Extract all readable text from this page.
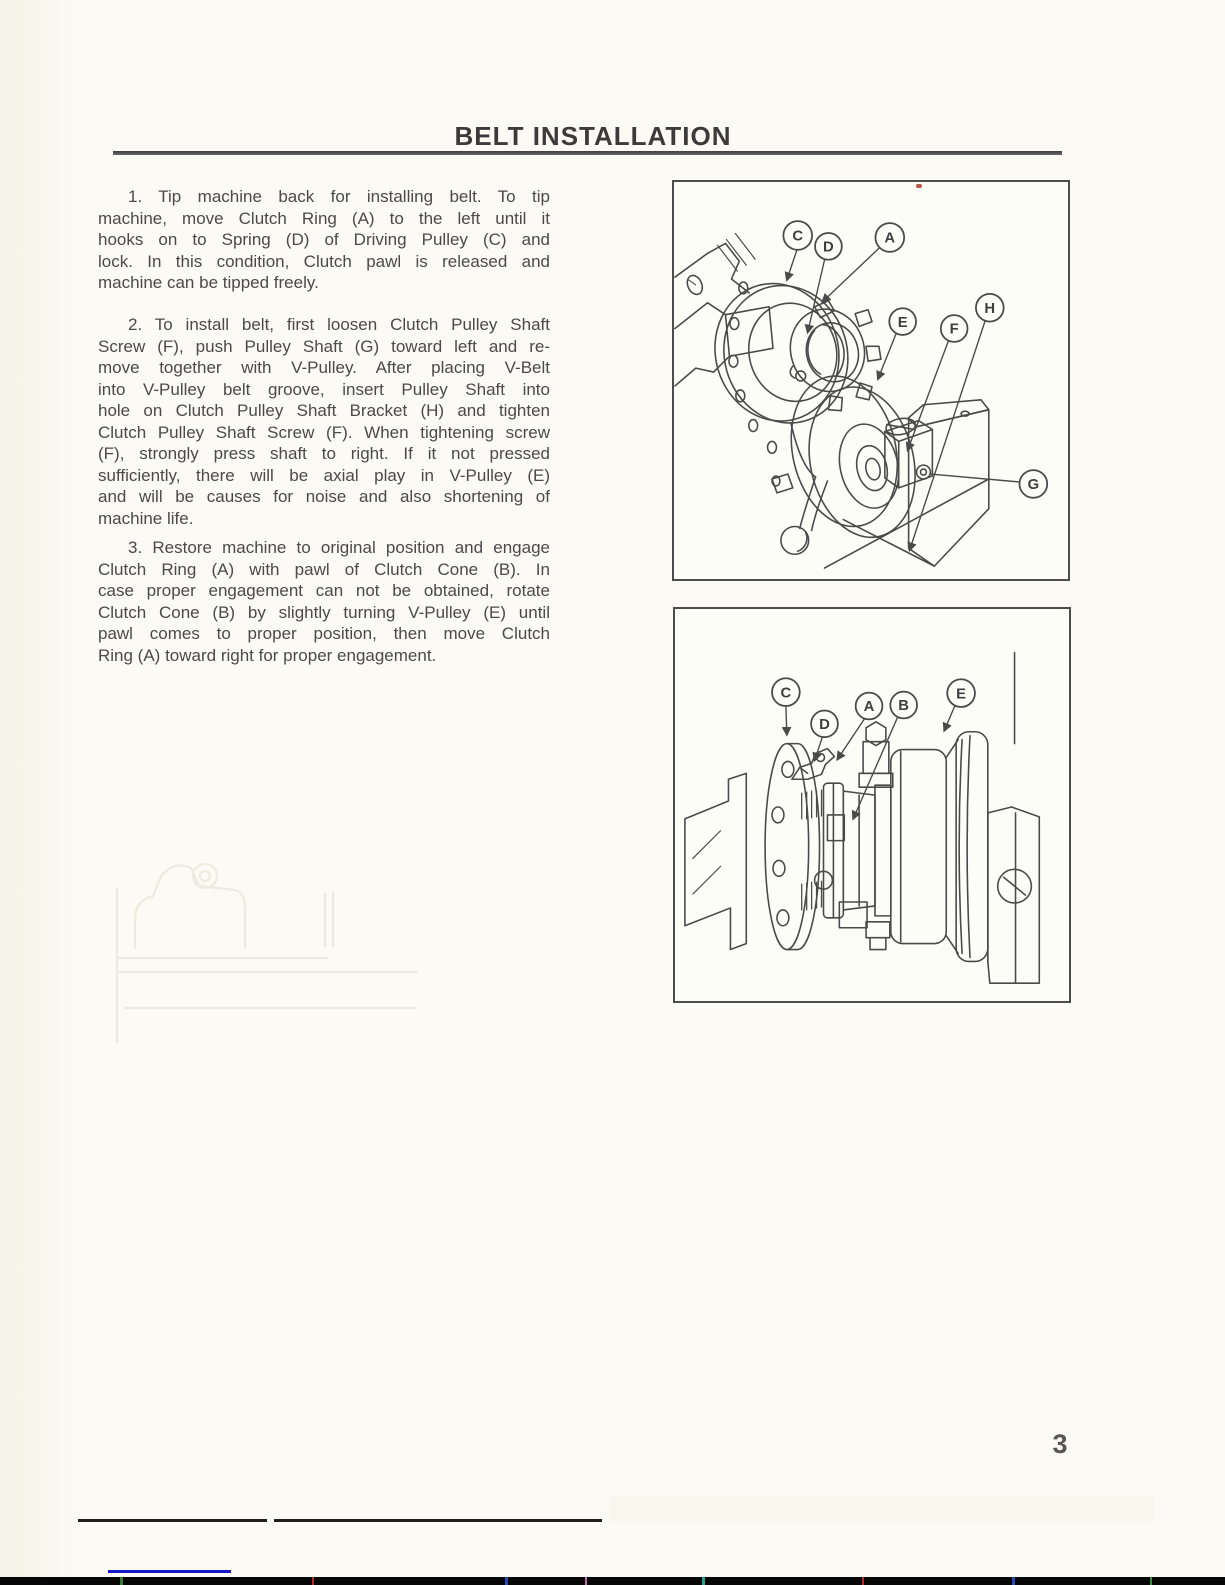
BELT INSTALLATION
1. Tip machine back for installing belt. To tip
machine, move Clutch Ring (A) to the left until it
hooks on to Spring (D) of Driving Pulley (C) and
lock. In this condition, Clutch pawl is released and
machine can be tipped freely.
2. To install belt, first loosen Clutch Pulley Shaft
Screw (F), push Pulley Shaft (G) toward left and re-
move together with V-Pulley. After placing V-Belt
into V-Pulley belt groove, insert Pulley Shaft into
hole on Clutch Pulley Shaft Bracket (H) and tighten
Clutch Pulley Shaft Screw (F). When tightening screw
(F), strongly press shaft to right. If it not pressed
sufficiently, there will be axial play in V-Pulley (E)
and will be causes for noise and also shortening of
machine life.
3. Restore machine to original position and engage
Clutch Ring (A) with pawl of Clutch Cone (B). In
case proper engagement can not be obtained, rotate
Clutch Cone (B) by slightly turning V-Pulley (E) until
pawl comes to proper position, then move Clutch
Ring (A) toward right for proper engagement.
C
D
A
E	F
H
G
C
D
A B
E
3
